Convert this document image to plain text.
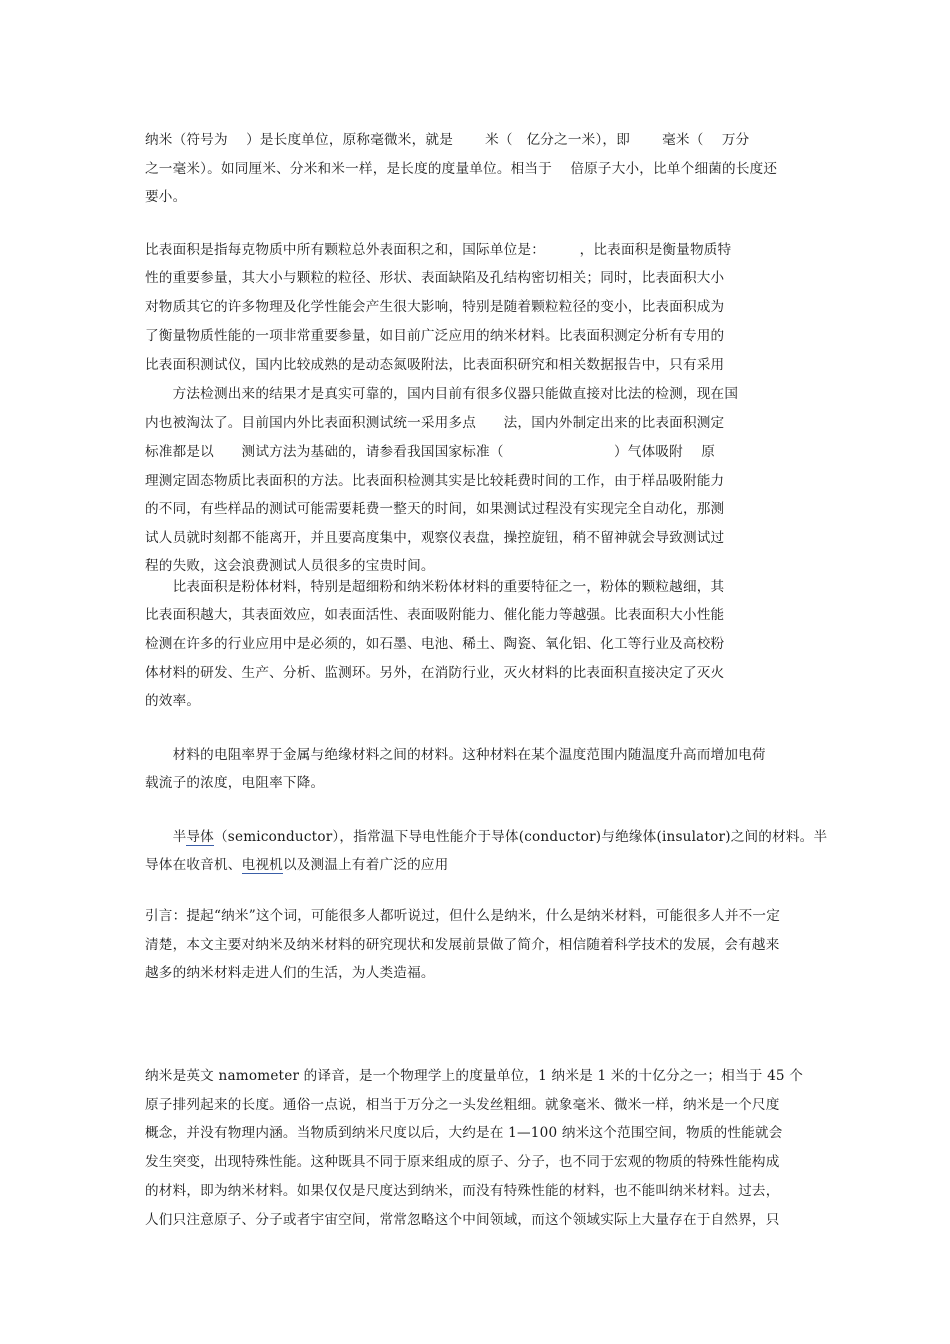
纳米（符号为　 ）是长度单位，原称毫微米，就是　　 米（　亿分之一米），即　　 毫米（　 万分
之一毫米）。如同厘米、分米和米一样，是长度的度量单位。相当于　 倍原子大小，比单个细菌的长度还
要小。
比表面积是指每克物质中所有颗粒总外表面积之和，国际单位是：　　　，比表面积是衡量物质特
性的重要参量，其大小与颗粒的粒径、形状、表面缺陷及孔结构密切相关；同时，比表面积大小
对物质其它的许多物理及化学性能会产生很大影响，特别是随着颗粒粒径的变小，比表面积成为
了衡量物质性能的一项非常重要参量，如目前广泛应用的纳米材料。比表面积测定分析有专用的
比表面积测试仪，国内比较成熟的是动态氮吸附法，比表面积研究和相关数据报告中，只有采用
　　方法检测出来的结果才是真实可靠的，国内目前有很多仪器只能做直接对比法的检测，现在国
内也被淘汰了。目前国内外比表面积测试统一采用多点　　法，国内外制定出来的比表面积测定
标准都是以　　测试方法为基础的，请参看我国国家标准（　　　　　　　　）气体吸附　 原
理测定固态物质比表面积的方法。比表面积检测其实是比较耗费时间的工作，由于样品吸附能力
的不同，有些样品的测试可能需要耗费一整天的时间，如果测试过程没有实现完全自动化，那测
试人员就时刻都不能离开，并且要高度集中，观察仪表盘，操控旋钮，稍不留神就会导致测试过
程的失败，这会浪费测试人员很多的宝贵时间。
　　比表面积是粉体材料，特别是超细粉和纳米粉体材料的重要特征之一，粉体的颗粒越细，其
比表面积越大，其表面效应，如表面活性、表面吸附能力、催化能力等越强。比表面积大小性能
检测在许多的行业应用中是必须的，如石墨、电池、稀土、陶瓷、氧化铝、化工等行业及高校粉
体材料的研发、生产、分析、监测环。另外，在消防行业，灭火材料的比表面积直接决定了灭火
的效率。
　　材料的电阻率界于金属与绝缘材料之间的材料。这种材料在某个温度范围内随温度升高而增加电荷
载流子的浓度，电阻率下降。
　　半导体（semiconductor），指常温下导电性能介于导体(conductor)与绝缘体(insulator)之间的材料。半
导体在收音机、电视机以及测温上有着广泛的应用
引言：提起“纳米”这个词，可能很多人都听说过，但什么是纳米，什么是纳米材料，可能很多人并不一定
清楚，本文主要对纳米及纳米材料的研究现状和发展前景做了简介，相信随着科学技术的发展，会有越来
越多的纳米材料走进人们的生活，为人类造福。
纳米是英文 namometer 的译音，是一个物理学上的度量单位，1 纳米是 1 米的十亿分之一；相当于 45 个
原子排列起来的长度。通俗一点说，相当于万分之一头发丝粗细。就象毫米、微米一样，纳米是一个尺度
概念，并没有物理内涵。当物质到纳米尺度以后，大约是在 1—100 纳米这个范围空间，物质的性能就会
发生突变，出现特殊性能。这种既具不同于原来组成的原子、分子，也不同于宏观的物质的特殊性能构成
的材料，即为纳米材料。如果仅仅是尺度达到纳米，而没有特殊性能的材料，也不能叫纳米材料。过去，
人们只注意原子、分子或者宇宙空间，常常忽略这个中间领域，而这个领域实际上大量存在于自然界，只
